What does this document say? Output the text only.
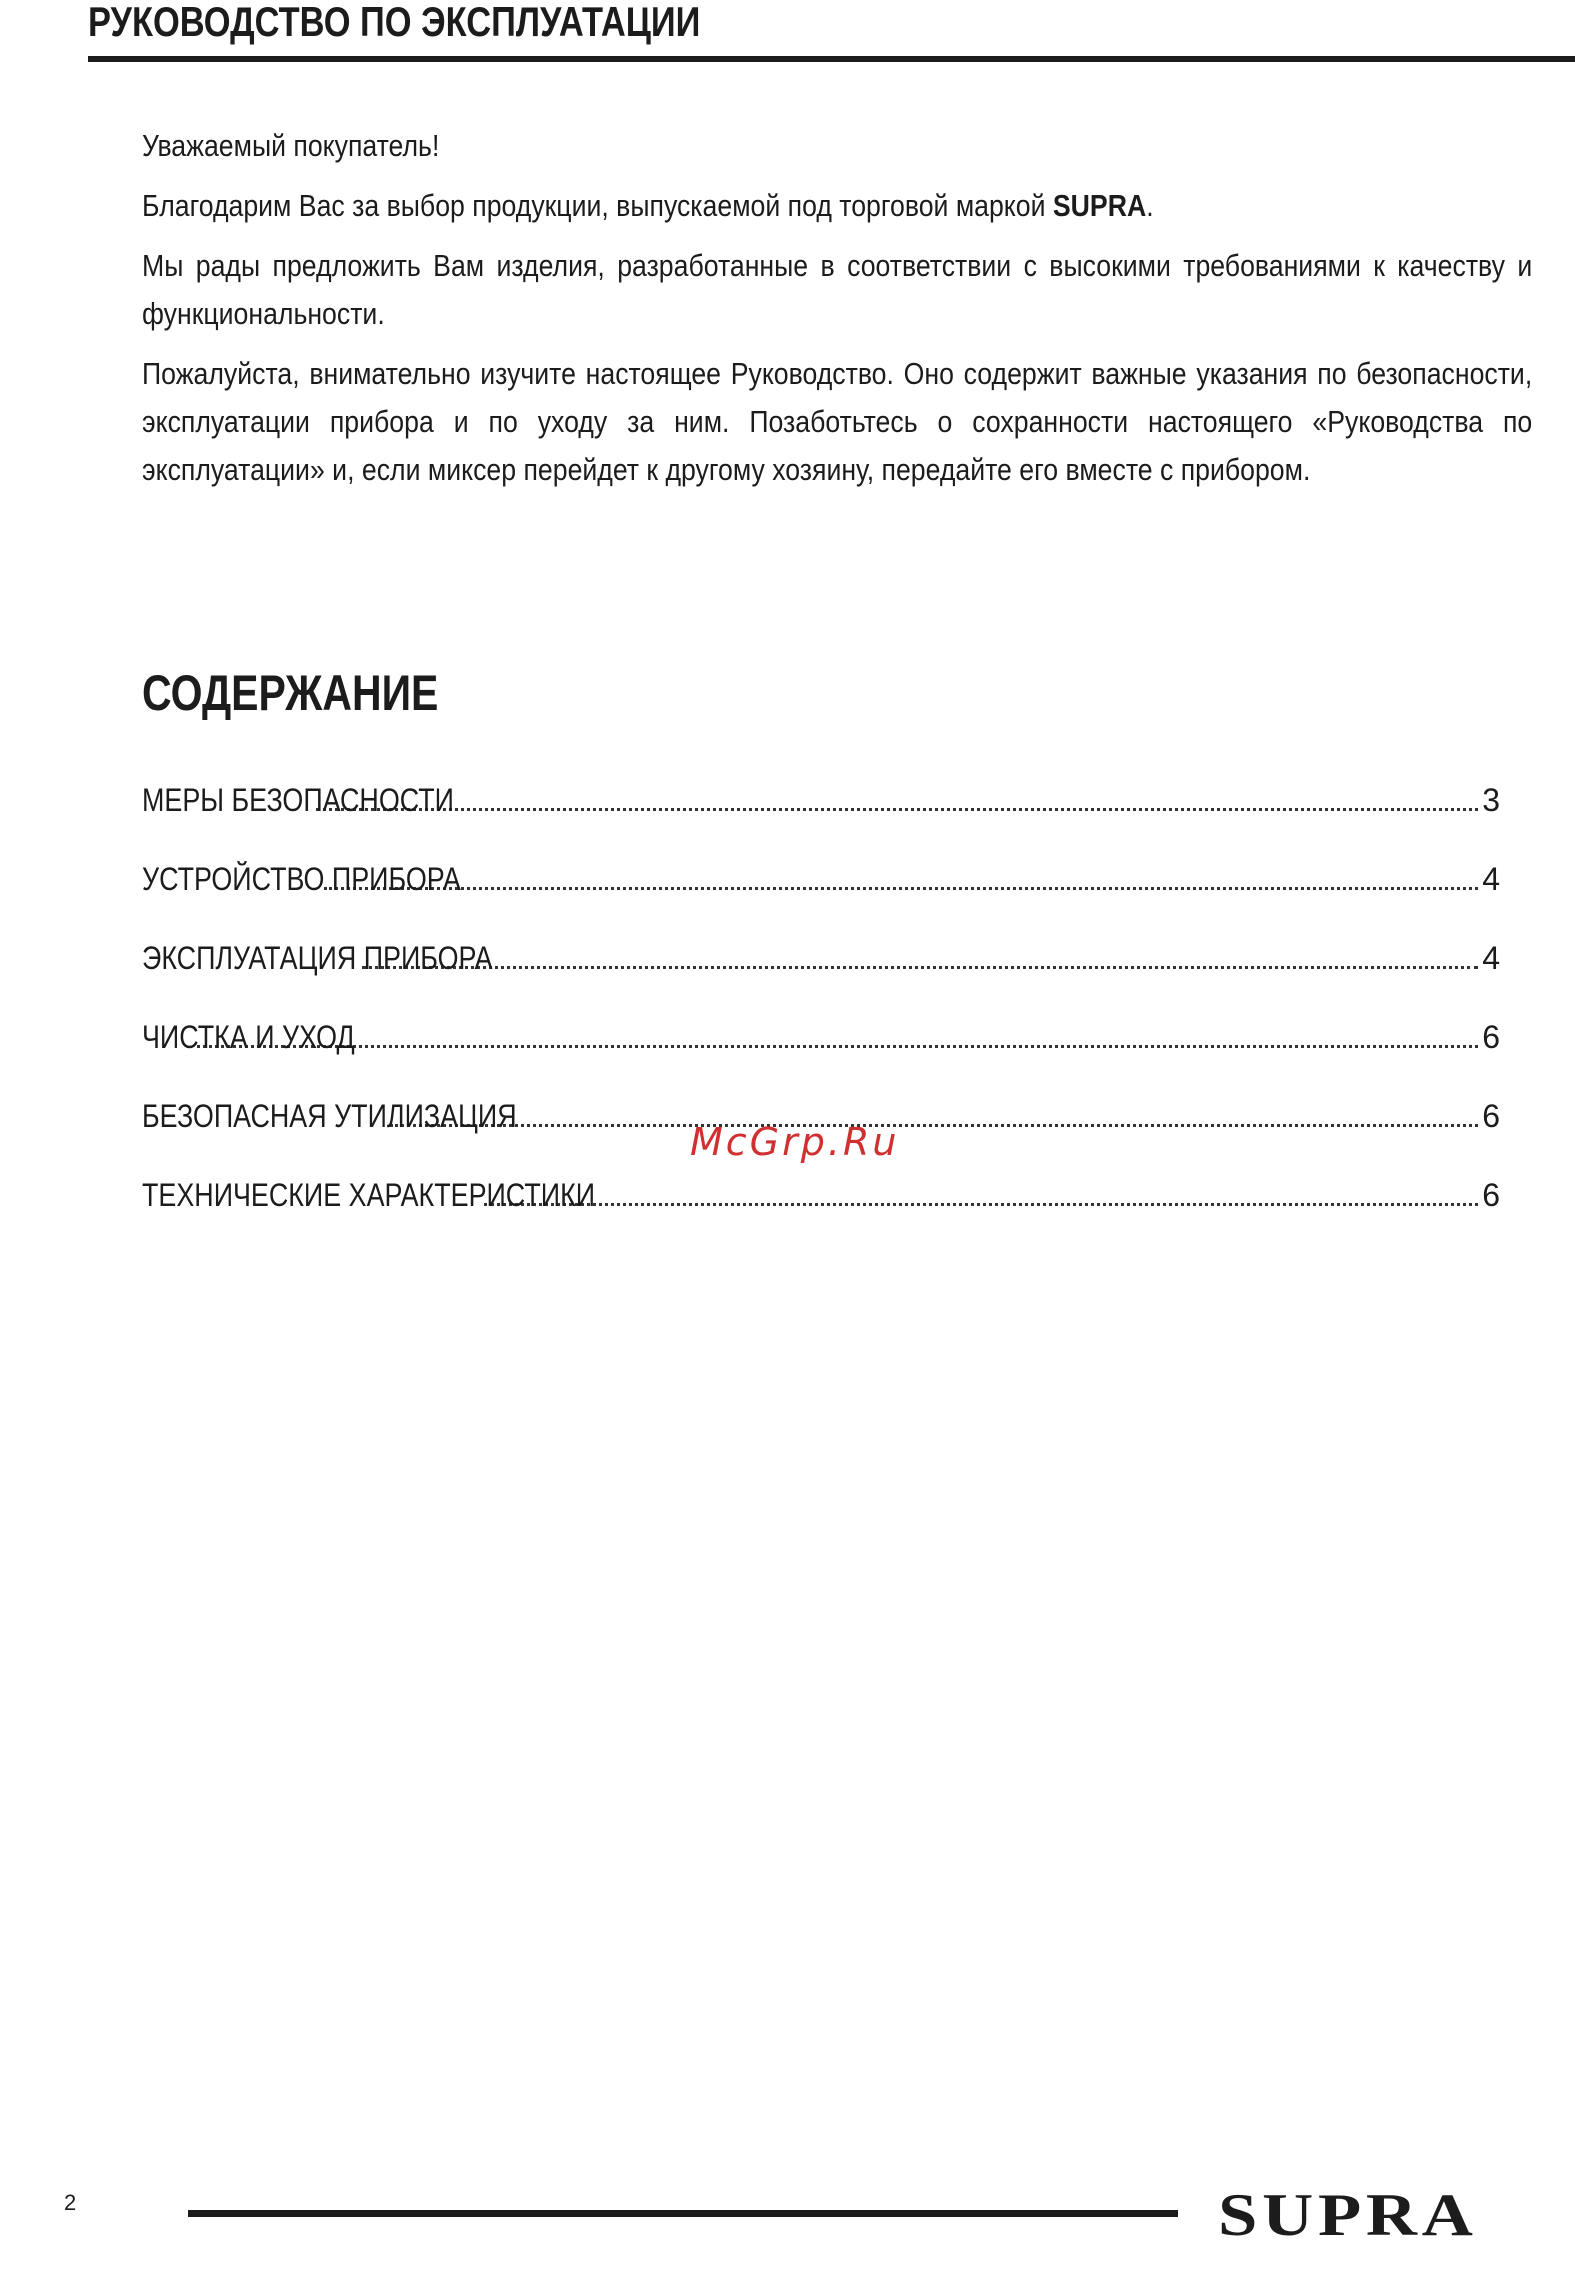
РУКОВОДСТВО ПО ЭКСПЛУАТАЦИИ

Уважаемый покупатель!

Благодарим Вас за выбор продукции, выпускаемой под торговой маркой SUPRA.

Мы рады предложить Вам изделия, разработанные в соответствии с высокими требованиями к качеству и функциональности.

Пожалуйста, внимательно изучите настоящее Руководство. Оно содержит важные указания по безопасности, эксплуатации прибора и по уходу за ним. Позаботьтесь о сохранности настоящего «Руководства по эксплуатации» и, если миксер перейдет к другому хозяину, передайте его вместе с прибором.

СОДЕРЖАНИЕ
МЕРЫ БЕЗОПАСНОСТИ	3
УСТРОЙСТВО ПРИБОРА	4
ЭКСПЛУАТАЦИЯ ПРИБОРА	4
ЧИСТКА И УХОД	6
БЕЗОПАСНАЯ УТИЛИЗАЦИЯ	6
ТЕХНИЧЕСКИЕ ХАРАКТЕРИСТИКИ	6
McGrp.Ru
2	SUPRA
